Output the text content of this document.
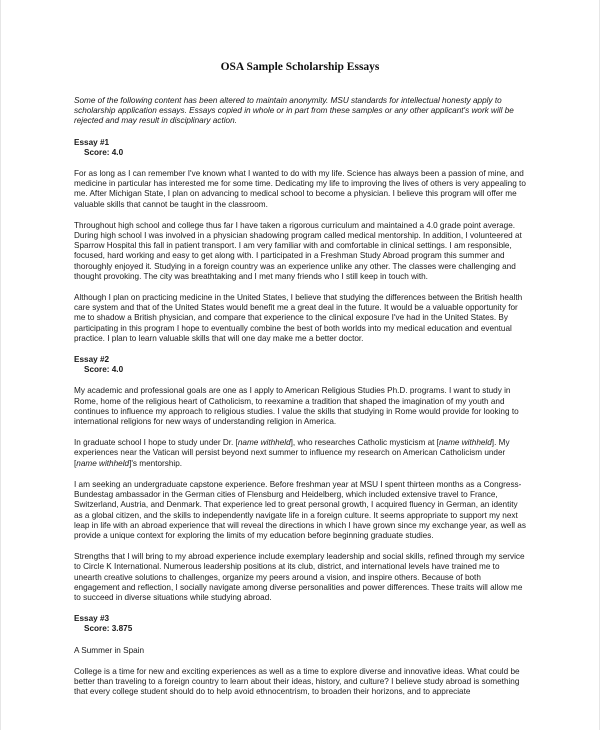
OSA Sample Scholarship Essays

Some of the following content has been altered to maintain anonymity. MSU standards for intellectual honesty apply to scholarship application essays. Essays copied in whole or in part from these samples or any other applicant's work will be rejected and may result in disciplinary action.

Essay #1
Score: 4.0

For as long as I can remember I've known what I wanted to do with my life. Science has always been a passion of mine, and medicine in particular has interested me for some time. Dedicating my life to improving the lives of others is very appealing to me. After Michigan State, I plan on advancing to medical school to become a physician. I believe this program will offer me valuable skills that cannot be taught in the classroom.

Throughout high school and college thus far I have taken a rigorous curriculum and maintained a 4.0 grade point average. During high school I was involved in a physician shadowing program called medical mentorship. In addition, I volunteered at Sparrow Hospital this fall in patient transport. I am very familiar with and comfortable in clinical settings. I am responsible, focused, hard working and easy to get along with. I participated in a Freshman Study Abroad program this summer and thoroughly enjoyed it. Studying in a foreign country was an experience unlike any other. The classes were challenging and thought provoking. The city was breathtaking and I met many friends who I still keep in touch with.

Although I plan on practicing medicine in the United States, I believe that studying the differences between the British health care system and that of the United States would benefit me a great deal in the future. It would be a valuable opportunity for me to shadow a British physician, and compare that experience to the clinical exposure I've had in the United States. By participating in this program I hope to eventually combine the best of both worlds into my medical education and eventual practice. I plan to learn valuable skills that will one day make me a better doctor.

Essay #2
Score: 4.0

My academic and professional goals are one as I apply to American Religious Studies Ph.D. programs. I want to study in Rome, home of the religious heart of Catholicism, to reexamine a tradition that shaped the imagination of my youth and continues to influence my approach to religious studies. I value the skills that studying in Rome would provide for looking to international religions for new ways of understanding religion in America.

In graduate school I hope to study under Dr. [name withheld], who researches Catholic mysticism at [name withheld]. My experiences near the Vatican will persist beyond next summer to influence my research on American Catholicism under [name withheld]'s mentorship.

I am seeking an undergraduate capstone experience. Before freshman year at MSU I spent thirteen months as a Congress-Bundestag ambassador in the German cities of Flensburg and Heidelberg, which included extensive travel to France, Switzerland, Austria, and Denmark. That experience led to great personal growth, I acquired fluency in German, an identity as a global citizen, and the skills to independently navigate life in a foreign culture. It seems appropriate to support my next leap in life with an abroad experience that will reveal the directions in which I have grown since my exchange year, as well as provide a unique context for exploring the limits of my education before beginning graduate studies.

Strengths that I will bring to my abroad experience include exemplary leadership and social skills, refined through my service to Circle K International. Numerous leadership positions at its club, district, and international levels have trained me to unearth creative solutions to challenges, organize my peers around a vision, and inspire others. Because of both engagement and reflection, I socially navigate among diverse personalities and power differences. These traits will allow me to succeed in diverse situations while studying abroad.

Essay #3
Score: 3.875

A Summer in Spain

College is a time for new and exciting experiences as well as a time to explore diverse and innovative ideas. What could be better than traveling to a foreign country to learn about their ideas, history, and culture? I believe study abroad is something that every college student should do to help avoid ethnocentrism, to broaden their horizons, and to appreciate
